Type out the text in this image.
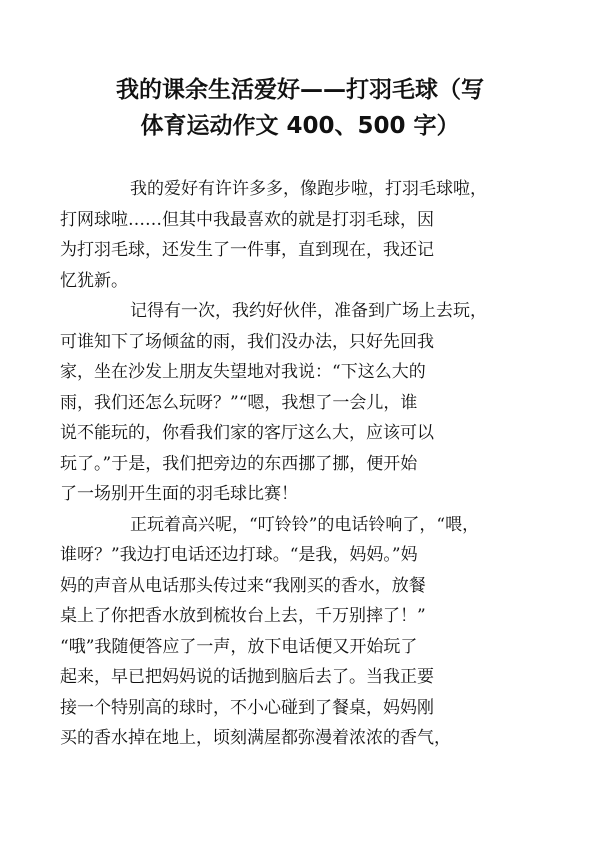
我的课余生活爱好——打羽毛球（写
体育运动作文 400、500 字）
我的爱好有许许多多，像跑步啦，打羽毛球啦，
打网球啦……但其中我最喜欢的就是打羽毛球，因
为打羽毛球，还发生了一件事，直到现在，我还记
忆犹新。
记得有一次，我约好伙伴，准备到广场上去玩，
可谁知下了场倾盆的雨，我们没办法，只好先回我
家，坐在沙发上朋友失望地对我说：“下这么大的
雨，我们还怎么玩呀？”“嗯，我想了一会儿，谁
说不能玩的，你看我们家的客厅这么大，应该可以
玩了。”于是，我们把旁边的东西挪了挪，便开始
了一场别开生面的羽毛球比赛！
正玩着高兴呢，“叮铃铃”的电话铃响了，“喂，
谁呀？”我边打电话还边打球。“是我，妈妈。”妈
妈的声音从电话那头传过来“我刚买的香水，放餐
桌上了你把香水放到梳妆台上去，千万别摔了！”
“哦”我随便答应了一声，放下电话便又开始玩了
起来，早已把妈妈说的话抛到脑后去了。当我正要
接一个特别高的球时，不小心碰到了餐桌，妈妈刚
买的香水掉在地上，顷刻满屋都弥漫着浓浓的香气，
